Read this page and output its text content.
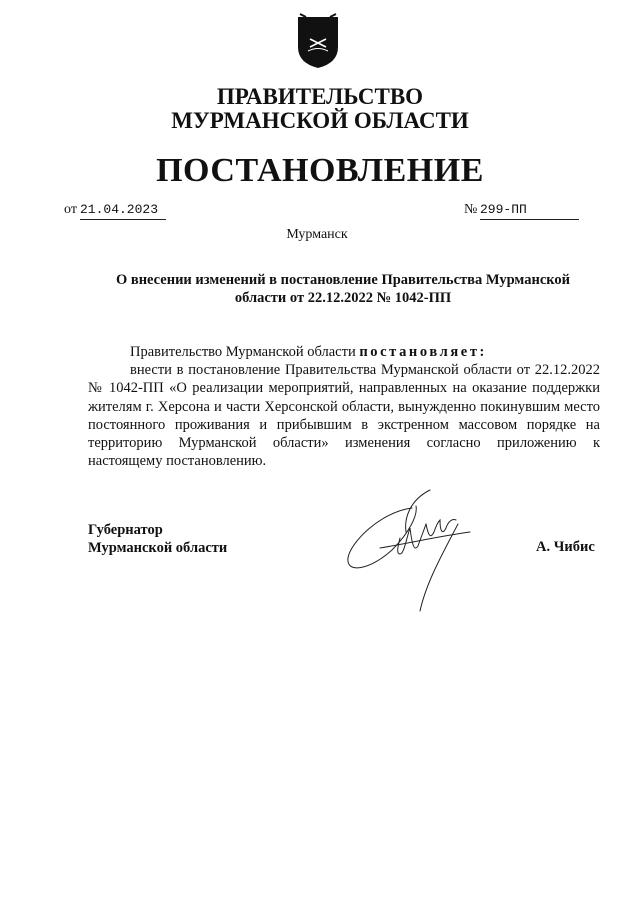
ПРАВИТЕЛЬСТВО
МУРМАНСКОЙ ОБЛАСТИ
ПОСТАНОВЛЕНИЕ
от 21.04.2023	№ 299-ПП
Мурманск
О внесении изменений в постановление Правительства Мурманской области от 22.12.2022 № 1042-ПП
Правительство Мурманской области постановляет:
внести в постановление Правительства Мурманской области от 22.12.2022 № 1042-ПП «О реализации мероприятий, направленных на оказание поддержки жителям г. Херсона и части Херсонской области, вынужденно покинувшим место постоянного проживания и прибывшим в экстренном массовом порядке на территорию Мурманской области» изменения согласно приложению к настоящему постановлению.
Губернатор
Мурманской области	А. Чибис
